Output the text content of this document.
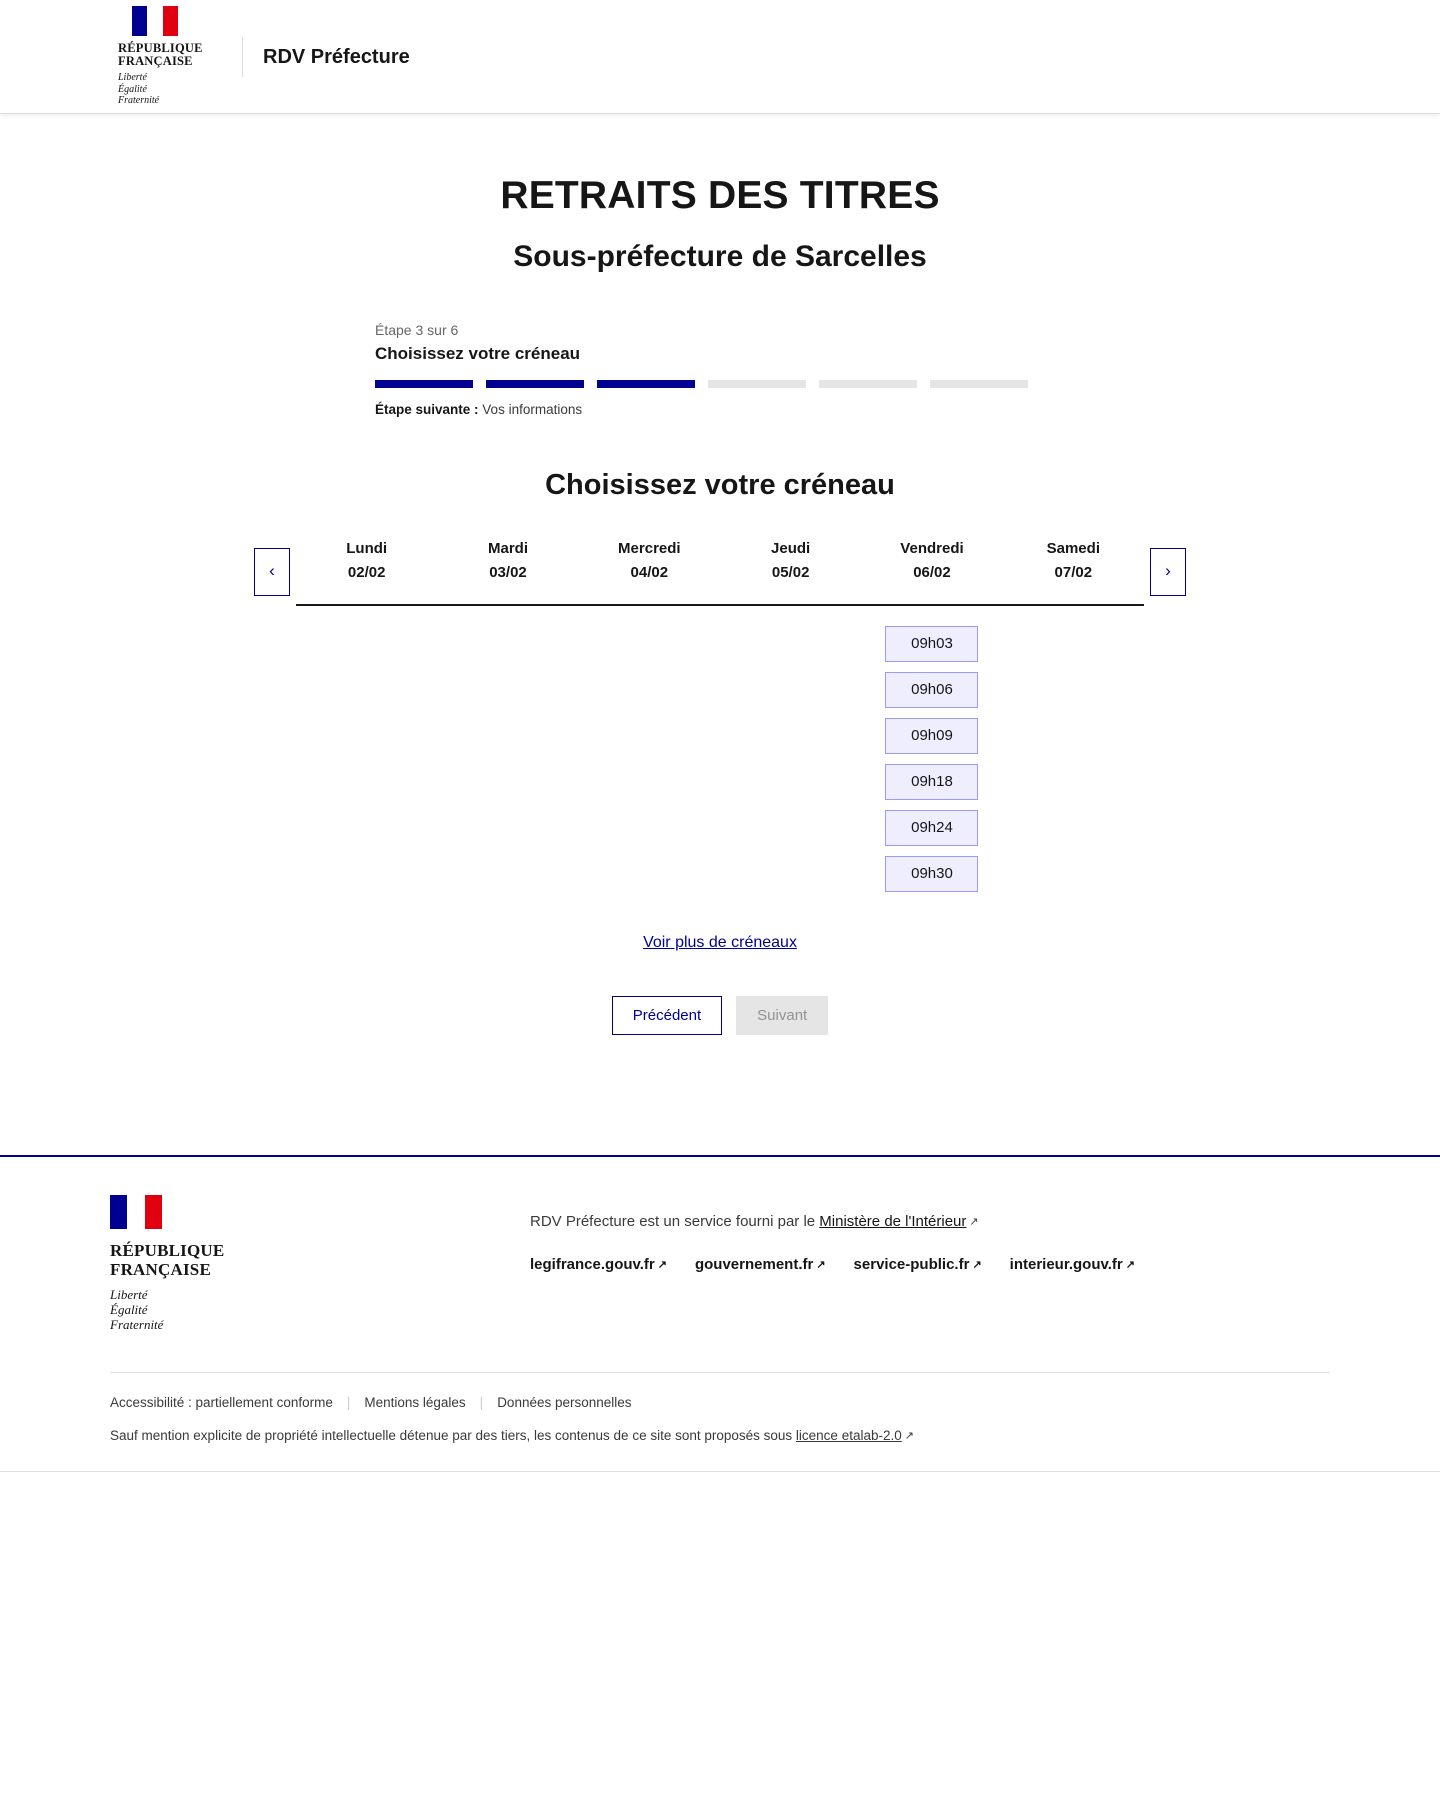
RÉPUBLIQUE
FRANÇAISE
Liberté
Égalité
Fraternité
RDV Préfecture
RETRAITS DES TITRES
Sous-préfecture de Sarcelles
Étape 3 sur 6
Choisissez votre créneau
Étape suivante : Vos informations
Choisissez votre créneau
‹
Lundi
02/02
Mardi
03/02
Mercredi
04/02
Jeudi
05/02
Vendredi
06/02
09h03
09h06
09h09
09h18
09h24
09h30
Samedi
07/02	›
Voir plus de créneaux
Précédent	Suivant
RÉPUBLIQUE
FRANÇAISE
Liberté
Égalité
Fraternité
RDV Préfecture est un service fourni par le Ministère de l'Intérieur ↗
legifrance.gouv.fr ↗ gouvernement.fr ↗ service-public.fr ↗ interieur.gouv.fr ↗
Accessibilité : partiellement conforme | Mentions légales | Données personnelles
Sauf mention explicite de propriété intellectuelle détenue par des tiers, les contenus de ce site sont proposés sous licence etalab-2.0 ↗
